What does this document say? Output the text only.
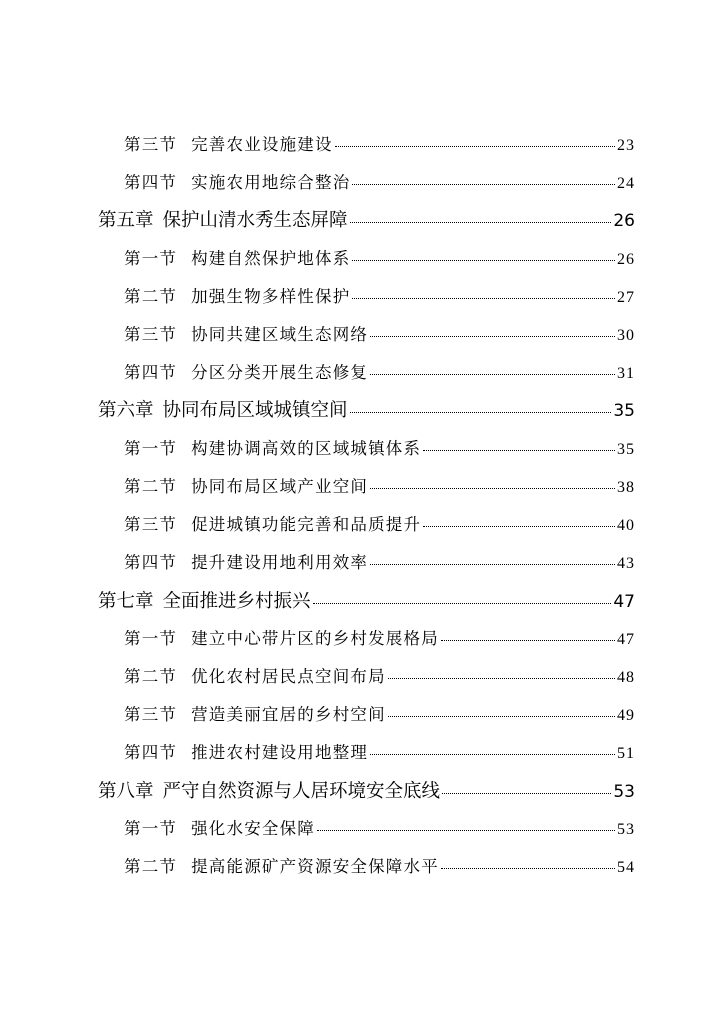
第三节 完善农业设施建设	23
第四节 实施农用地综合整治	24
第五章 保护山清水秀生态屏障	26
第一节 构建自然保护地体系	26
第二节 加强生物多样性保护	27
第三节 协同共建区域生态网络	30
第四节 分区分类开展生态修复	31
第六章 协同布局区域城镇空间	35
第一节 构建协调高效的区域城镇体系	35
第二节 协同布局区域产业空间	38
第三节 促进城镇功能完善和品质提升	40
第四节 提升建设用地利用效率	43
第七章 全面推进乡村振兴	47
第一节 建立中心带片区的乡村发展格局	47
第二节 优化农村居民点空间布局	48
第三节 营造美丽宜居的乡村空间	49
第四节 推进农村建设用地整理	51
第八章 严守自然资源与人居环境安全底线	53
第一节 强化水安全保障	53
第二节 提高能源矿产资源安全保障水平	54
